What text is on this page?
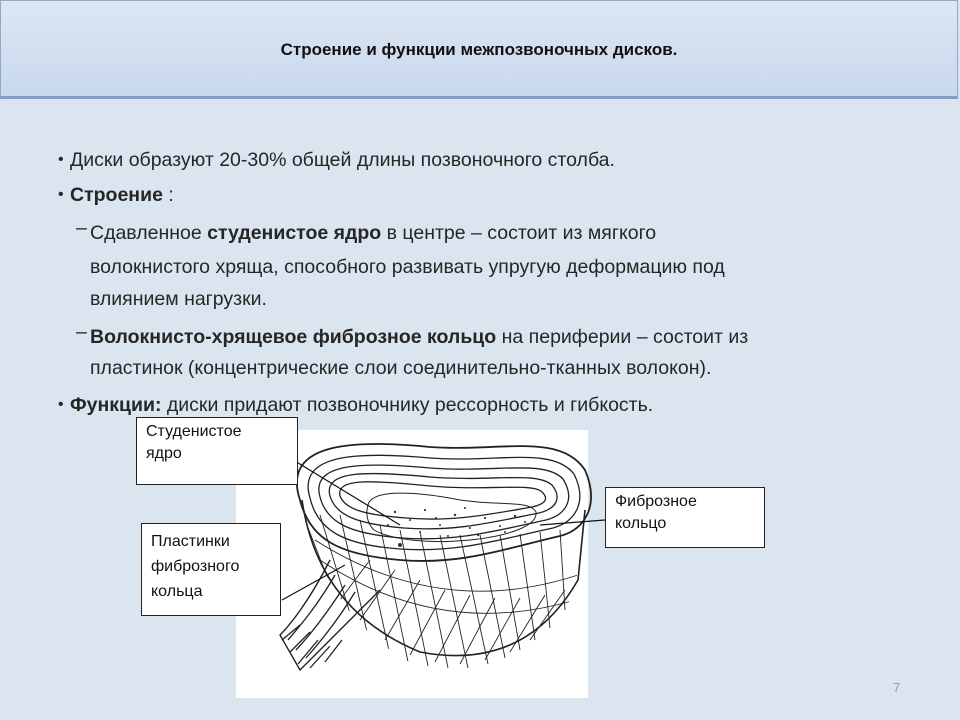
Строение и функции межпозвоночных дисков.
• Диски образуют 20-30% общей длины позвоночного столба.
• Строение :
– Сдавленное студенистое ядро в центре – состоит из мягкого
волокнистого хряща, способного развивать упругую деформацию под
влиянием нагрузки.
– Волокнисто-хрящевое фиброзное кольцо на периферии – состоит из
пластинок (концентрические слои соединительно-тканных волокон).
• Функции: диски придают позвоночнику рессорность и гибкость.
Студенистое
ядро
Фиброзное
кольцо
Пластинки
фиброзного
кольца
7
